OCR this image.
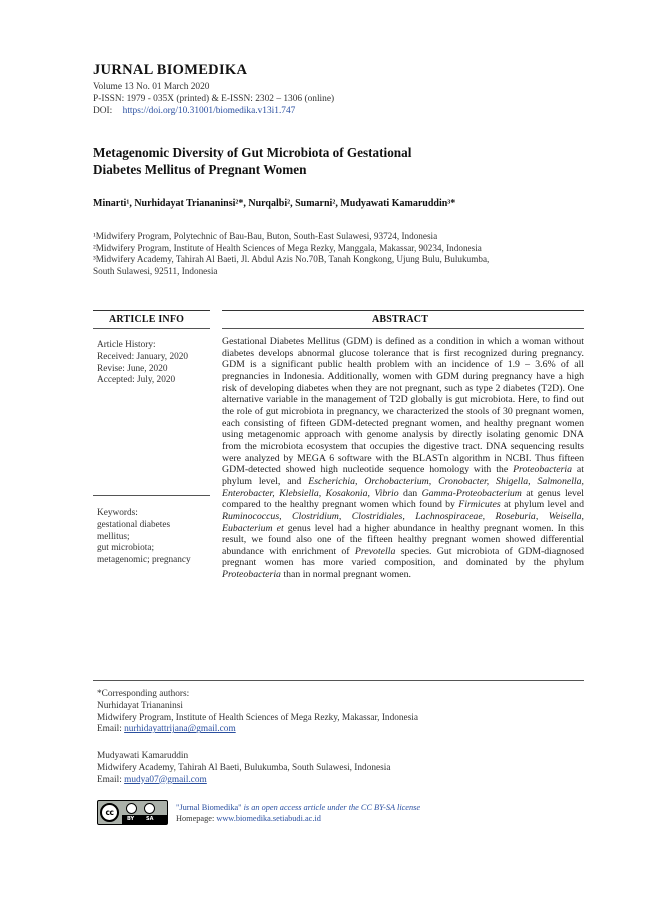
JURNAL BIOMEDIKA
Volume 13 No. 01 March 2020
P-ISSN: 1979 - 035X (printed) & E-ISSN: 2302 – 1306 (online)
DOI: https://doi.org/10.31001/biomedika.v13i1.747
Metagenomic Diversity of Gut Microbiota of Gestational
Diabetes Mellitus of Pregnant Women
Minarti¹, Nurhidayat Triananinsi²*, Nurqalbi², Sumarni², Mudyawati Kamaruddin³*
¹Midwifery Program, Polytechnic of Bau-Bau, Buton, South-East Sulawesi, 93724, Indonesia
²Midwifery Program, Institute of Health Sciences of Mega Rezky, Manggala, Makassar, 90234, Indonesia
³Midwifery Academy, Tahirah Al Baeti, Jl. Abdul Azis No.70B, Tanah Kongkong, Ujung Bulu, Bulukumba,
South Sulawesi, 92511, Indonesia
ARTICLE INFO	ABSTRACT
Article History:
Received: January, 2020
Revise: June, 2020
Accepted: July, 2020
Keywords:
gestational diabetes
mellitus;
gut microbiota;
metagenomic; pregnancy
Gestational Diabetes Mellitus (GDM) is defined as a condition in which a woman without diabetes develops abnormal glucose tolerance that is first recognized during pregnancy. GDM is a significant public health problem with an incidence of 1.9 – 3.6% of all pregnancies in Indonesia. Additionally, women with GDM during pregnancy have a high risk of developing diabetes when they are not pregnant, such as type 2 diabetes (T2D). One alternative variable in the management of T2D globally is gut microbiota. Here, to find out the role of gut microbiota in pregnancy, we characterized the stools of 30 pregnant women, each consisting of fifteen GDM-detected pregnant women, and healthy pregnant women using metagenomic approach with genome analysis by directly isolating genomic DNA from the microbiota ecosystem that occupies the digestive tract. DNA sequencing results were analyzed by MEGA 6 software with the BLASTn algorithm in NCBI. Thus fifteen GDM-detected showed high nucleotide sequence homology with the Proteobacteria at phylum level, and Escherichia, Orchobacterium, Cronobacter, Shigella, Salmonella, Enterobacter, Klebsiella, Kosakonia, Vibrio dan Gamma-Proteobacterium at genus level compared to the healthy pregnant women which found by Firmicutes at phylum level and Ruminococcus, Clostridium, Clostridiales, Lachnospiraceae, Roseburia, Weisella, Eubacterium et genus level had a higher abundance in healthy pregnant women. In this result, we found also one of the fifteen healthy pregnant women showed differential abundance with enrichment of Prevotella species. Gut microbiota of GDM-diagnosed pregnant women has more varied composition, and dominated by the phylum Proteobacteria than in normal pregnant women.
*Corresponding authors:
Nurhidayat Triananinsi
Midwifery Program, Institute of Health Sciences of Mega Rezky, Makassar, Indonesia
Email: nurhidayattrijana@gmail.com
Mudyawati Kamaruddin
Midwifery Academy, Tahirah Al Baeti, Bulukumba, South Sulawesi, Indonesia
Email: mudya07@gmail.com
cc
BY SA
"Jurnal Biomedika" is an open access article under the CC BY-SA license
Homepage: www.biomedika.setiabudi.ac.id
